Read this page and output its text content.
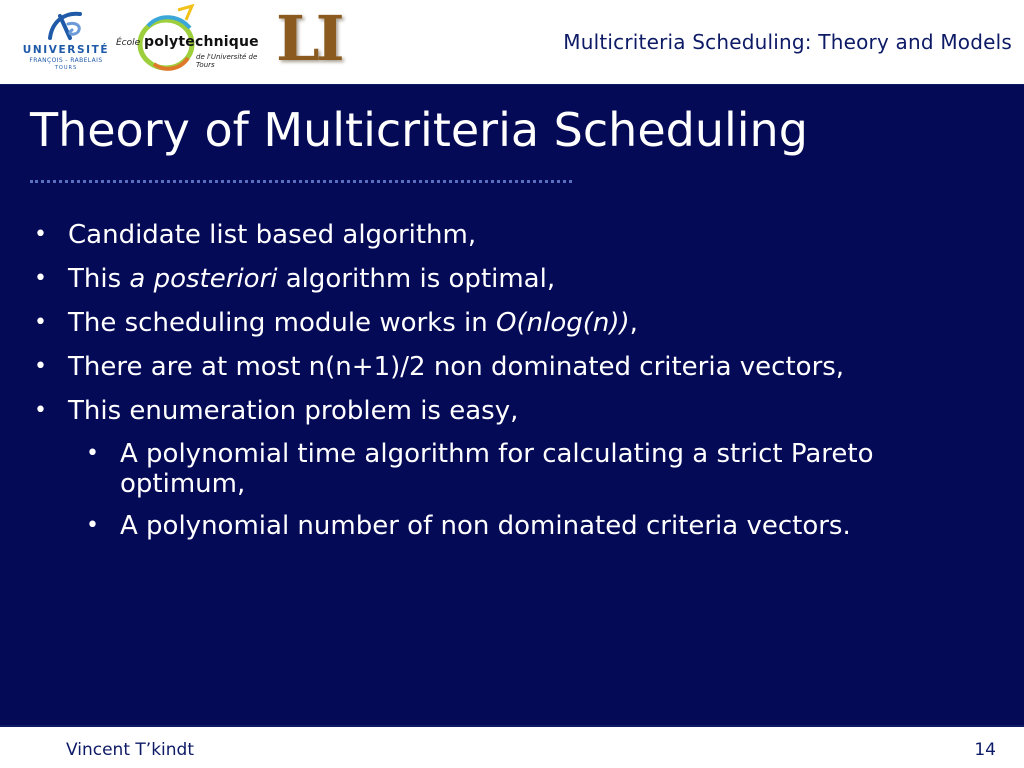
UNIVERSITÉ
FRANÇOIS - RABELAIS
TOURS
École polytechnique
de l'Université de Tours LI	Multicriteria Scheduling: Theory and Models
Theory of Multicriteria Scheduling
• Candidate list based algorithm,
• This a posteriori algorithm is optimal,
• The scheduling module works in O(nlog(n)),
• There are at most n(n+1)/2 non dominated criteria vectors,
• This enumeration problem is easy,
• A polynomial time algorithm for calculating a strict Pareto optimum,
• A polynomial number of non dominated criteria vectors.
Vincent T’kindt	14
